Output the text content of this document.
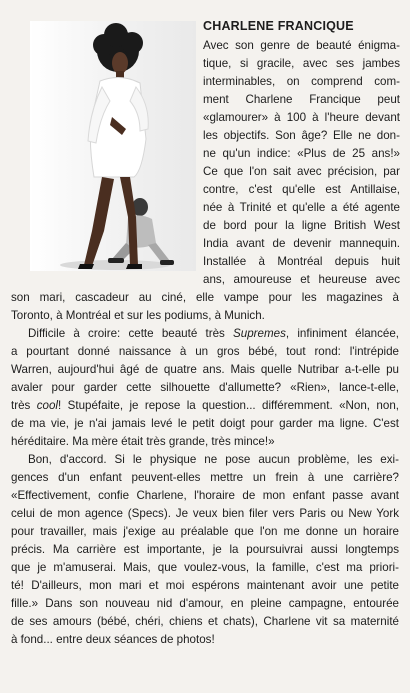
CHARLENE FRANCIQUE
Avec son genre de beauté énigma-
tique, si gracile, avec ses jambes
interminables, on comprend com-
ment Charlene Francique peut
«glamourer» à 100 à l'heure devant
les objectifs. Son âge? Elle ne don-
ne qu'un indice: «Plus de 25 ans!»
Ce que l'on sait avec précision, par
contre, c'est qu'elle est Antillaise,
née à Trinité et qu'elle a été agente
de bord pour la ligne British West
India avant de devenir mannequin.
Installée à Montréal depuis huit
ans, amoureuse et heureuse avec
son mari, cascadeur au ciné, elle vampe pour les magazines à
Toronto, à Montréal et sur les podiums, à Munich.
Difficile à croire: cette beauté très Supremes, infiniment élancée,
a pourtant donné naissance à un gros bébé, tout rond: l'intrépide
Warren, aujourd'hui âgé de quatre ans. Mais quelle Nutribar a-t-elle pu
avaler pour garder cette silhouette d'allumette? «Rien», lance-t-elle,
très cool! Stupéfaite, je repose la question... différemment. «Non, non,
de ma vie, je n'ai jamais levé le petit doigt pour garder ma ligne. C'est
héréditaire. Ma mère était très grande, très mince!»
Bon, d'accord. Si le physique ne pose aucun problème, les exi-
gences d'un enfant peuvent-elles mettre un frein à une carrière?
«Effectivement, confie Charlene, l'horaire de mon enfant passe avant
celui de mon agence (Specs). Je veux bien filer vers Paris ou New York
pour travailler, mais j'exige au préalable que l'on me donne un horaire
précis. Ma carrière est importante, je la poursuivrai aussi longtemps
que je m'amuserai. Mais, que voulez-vous, la famille, c'est ma priori-
té! D'ailleurs, mon mari et moi espérons maintenant avoir une petite
fille.» Dans son nouveau nid d'amour, en pleine campagne, entourée
de ses amours (bébé, chéri, chiens et chats), Charlene vit sa maternité
à fond... entre deux séances de photos!
